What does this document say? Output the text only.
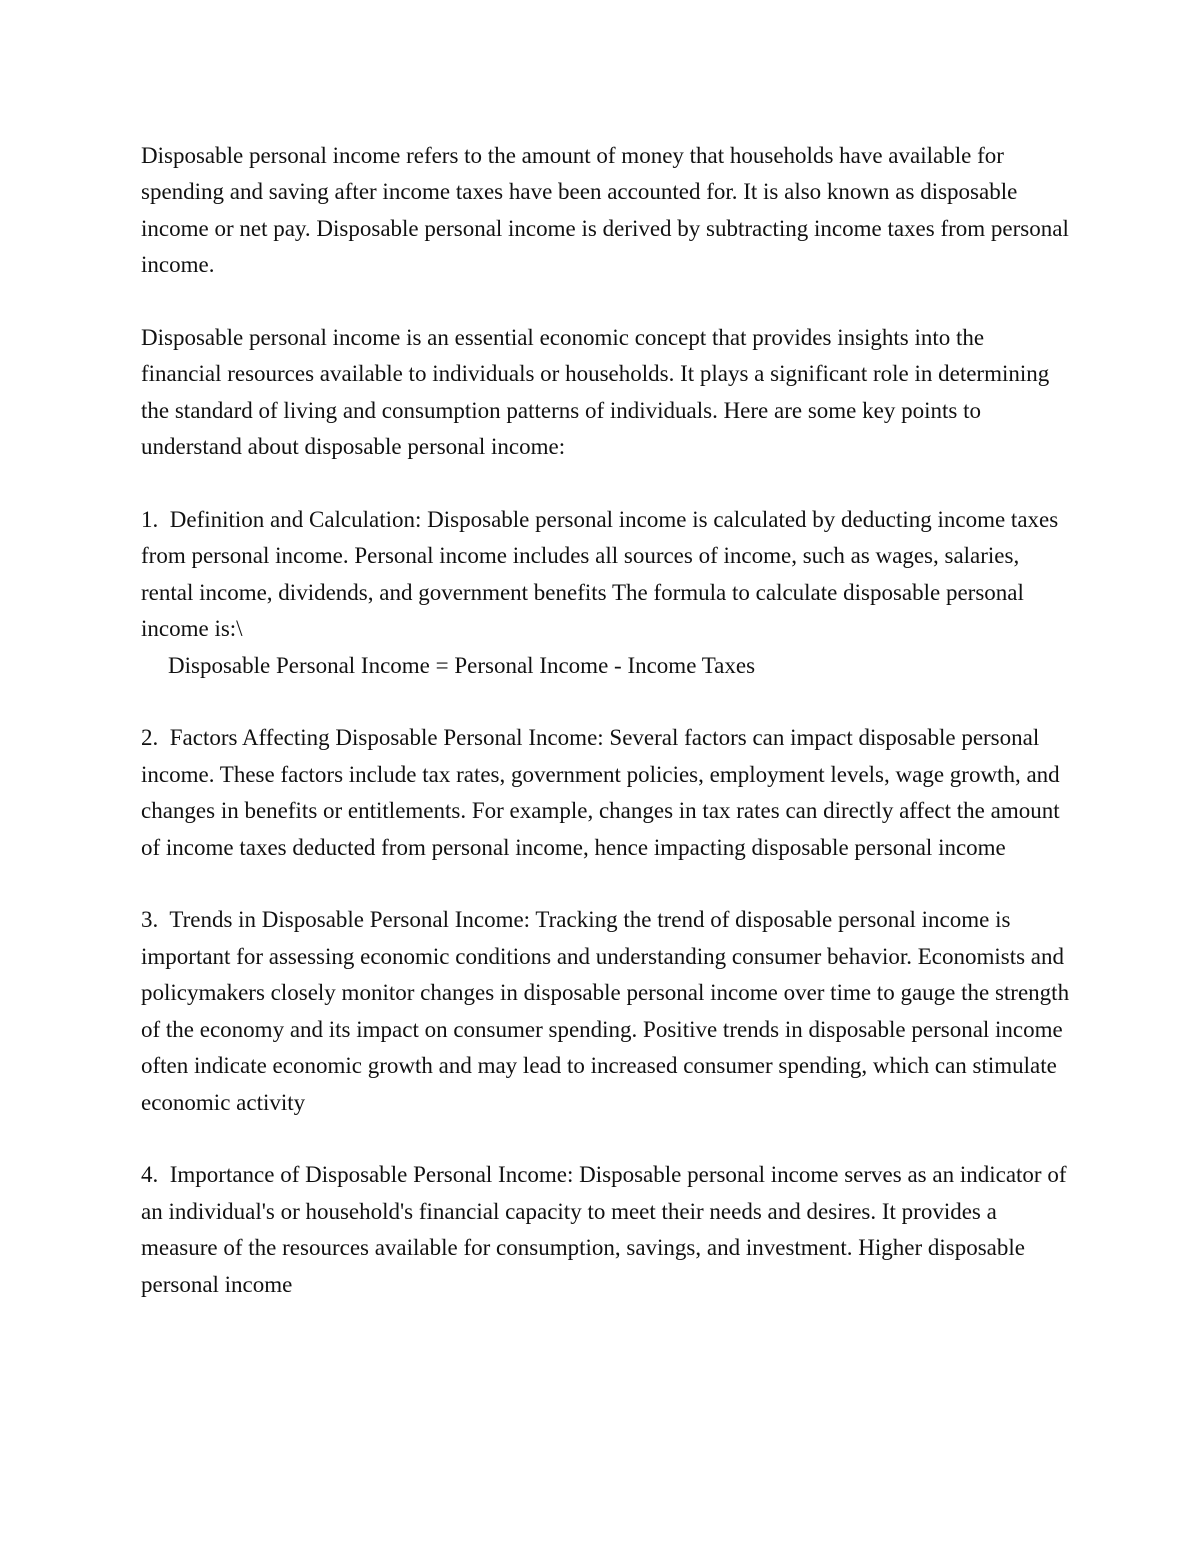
Disposable personal income refers to the amount of money that households have available for spending and saving after income taxes have been accounted for. It is also known as disposable income or net pay. Disposable personal income is derived by subtracting income taxes from personal income.

Disposable personal income is an essential economic concept that provides insights into the financial resources available to individuals or households. It plays a significant role in determining the standard of living and consumption patterns of individuals. Here are some key points to understand about disposable personal income:

1. Definition and Calculation: Disposable personal income is calculated by deducting income taxes from personal income. Personal income includes all sources of income, such as wages, salaries, rental income, dividends, and government benefits The formula to calculate disposable personal income is:\
Disposable Personal Income = Personal Income - Income Taxes

2. Factors Affecting Disposable Personal Income: Several factors can impact disposable personal income. These factors include tax rates, government policies, employment levels, wage growth, and changes in benefits or entitlements. For example, changes in tax rates can directly affect the amount of income taxes deducted from personal income, hence impacting disposable personal income

3. Trends in Disposable Personal Income: Tracking the trend of disposable personal income is important for assessing economic conditions and understanding consumer behavior. Economists and policymakers closely monitor changes in disposable personal income over time to gauge the strength of the economy and its impact on consumer spending. Positive trends in disposable personal income often indicate economic growth and may lead to increased consumer spending, which can stimulate economic activity

4. Importance of Disposable Personal Income: Disposable personal income serves as an indicator of an individual's or household's financial capacity to meet their needs and desires. It provides a measure of the resources available for consumption, savings, and investment. Higher disposable personal income
